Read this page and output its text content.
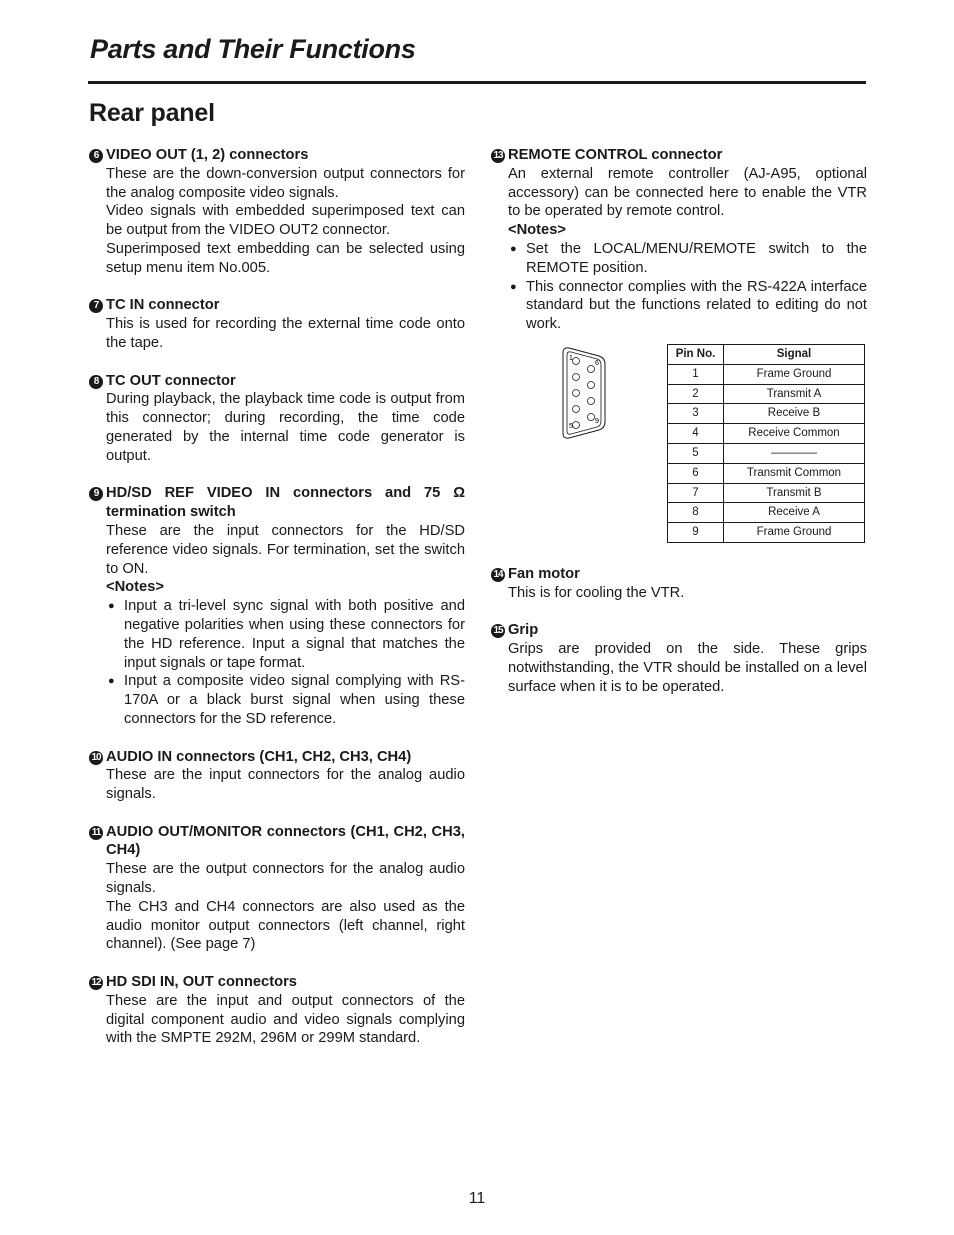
Parts and Their Functions
Rear panel
6 VIDEO OUT (1, 2) connectors

These are the down-conversion output connectors for the analog composite video signals.

Video signals with embedded superimposed text can be output from the VIDEO OUT2 connector.

Superimposed text embedding can be selected using setup menu item No.005.

7 TC IN connector

This is used for recording the external time code onto the tape.

8 TC OUT connector

During playback, the playback time code is output from this connector; during recording, the time code generated by the internal time code generator is output.

9 HD/SD REF VIDEO IN connectors and 75 Ω termination switch

These are the input connectors for the HD/SD reference video signals. For termination, set the switch to ON.

<Notes>
● Input a tri-level sync signal with both positive and negative polarities when using these connectors for the HD reference. Input a signal that matches the input signals or tape format.
● Input a composite video signal complying with RS-170A or a black burst signal when using these connectors for the SD reference.
10 AUDIO IN connectors (CH1, CH2, CH3, CH4)

These are the input connectors for the analog audio signals.

11 AUDIO OUT/MONITOR connectors (CH1, CH2, CH3, CH4)

These are the output connectors for the analog audio signals.

The CH3 and CH4 connectors are also used as the audio monitor output connectors (left channel, right channel). (See page 7)

12 HD SDI IN, OUT connectors

These are the input and output connectors of the digital component audio and video signals complying with the SMPTE 292M, 296M or 299M standard.

13 REMOTE CONTROL connector

An external remote controller (AJ-A95, optional accessory) can be connected here to enable the VTR to be operated by remote control.

<Notes>
● Set the LOCAL/MENU/REMOTE switch to the REMOTE position.
● This connector complies with the RS-422A interface standard but the functions related to editing do not work.
1
5
6
9
Pin No.	Signal
1	Frame Ground
2	Transmit A
3	Receive B
4	Receive Common
5	————
6	Transmit Common
7	Transmit B
8	Receive A
9	Frame Ground
14 Fan motor

This is for cooling the VTR.

15 Grip

Grips are provided on the side. These grips notwithstanding, the VTR should be installed on a level surface when it is to be operated.

11
